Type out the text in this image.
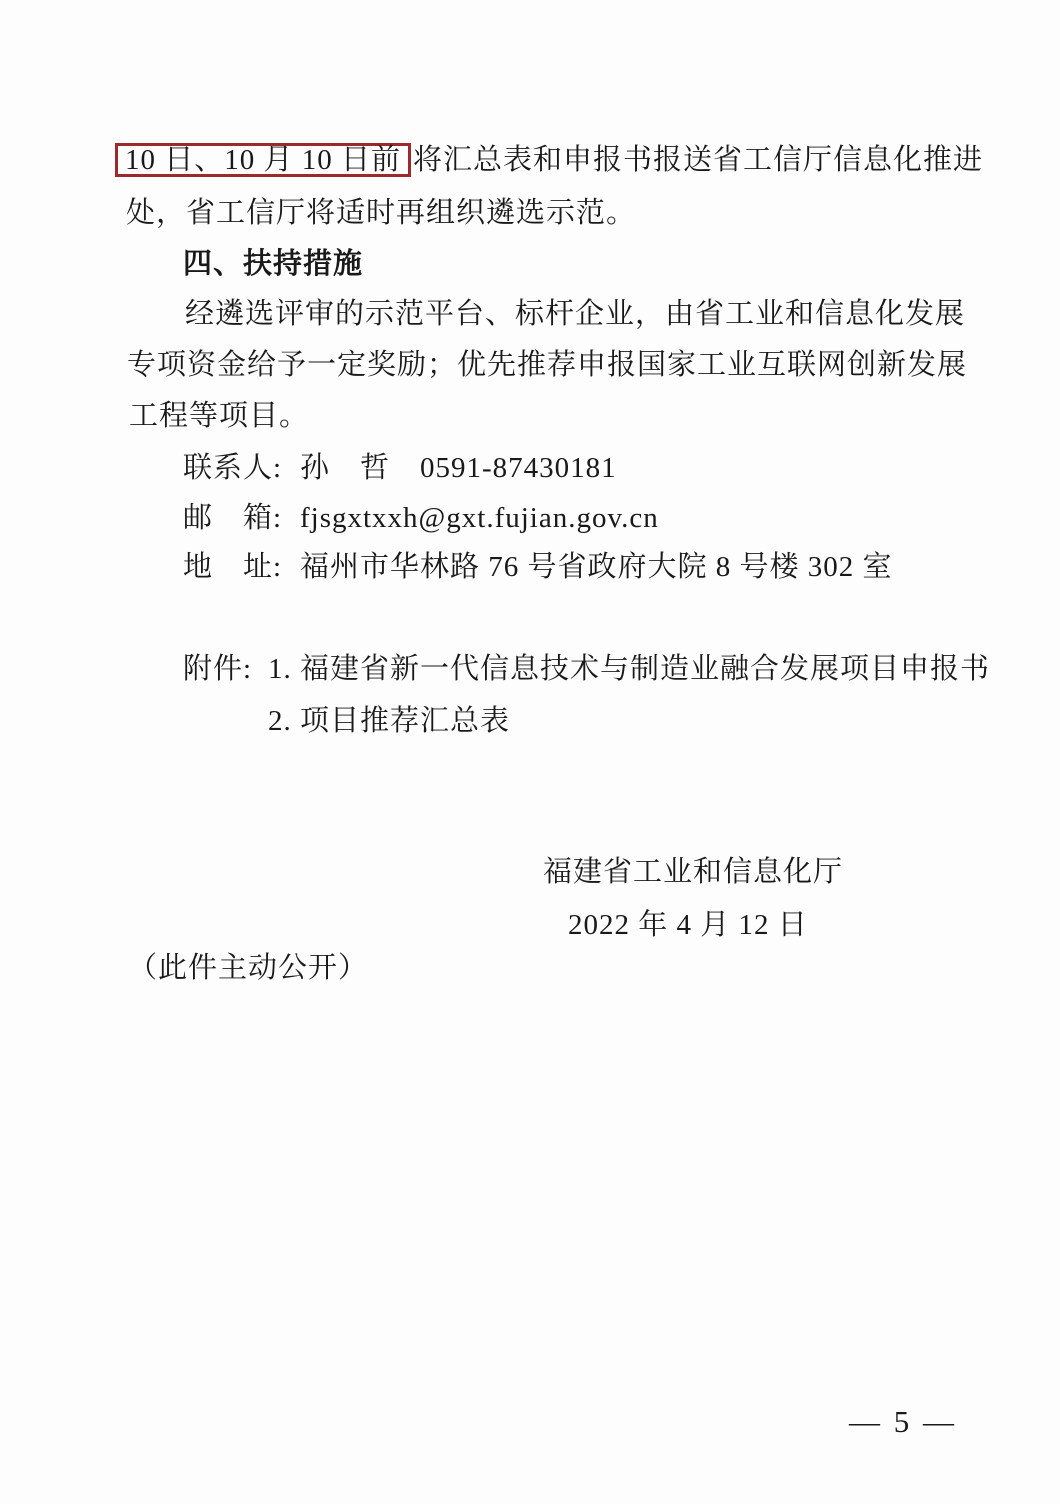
10 日、10 月 10 日前 将汇总表和申报书报送省工信厅信息化推进
处，省工信厅将适时再组织遴选示范。
四、扶持措施
经遴选评审的示范平台、标杆企业，由省工业和信息化发展
专项资金给予一定奖励；优先推荐申报国家工业互联网创新发展
工程等项目。
联系人: 孙　哲　0591-87430181
邮　箱: fjsgxtxxh@gxt.fujian.gov.cn
地　址: 福州市华林路 76 号省政府大院 8 号楼 302 室
附件: 1. 福建省新一代信息技术与制造业融合发展项目申报书
2. 项目推荐汇总表
福建省工业和信息化厅
2022 年 4 月 12 日
（此件主动公开）
— 5 —
